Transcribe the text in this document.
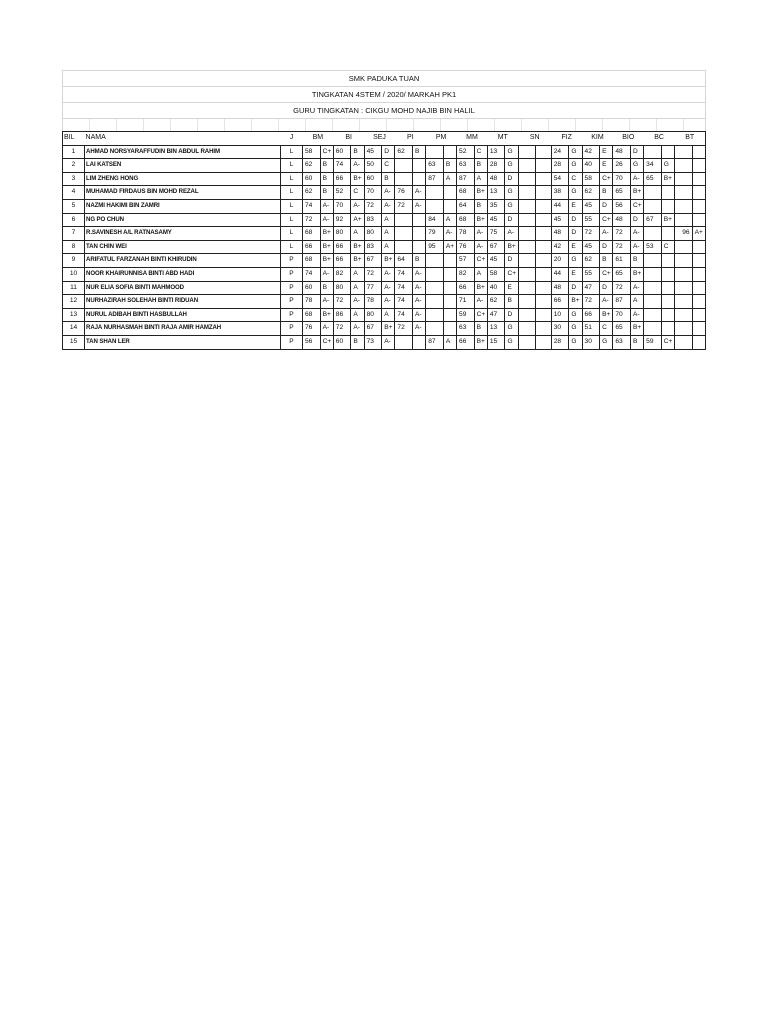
SMK PADUKA TUAN
TINGKATAN 4STEM / 2020/ MARKAH PK1
GURU TINGKATAN : CIKGU MOHD NAJIB BIN HALIL
BIL	NAMA	J	BM		BI		SEJ		PI		PM		MM		MT		SN		FIZ		KIM		BIO		BC		BT	
1	AHMAD NORSYARAFFUDIN BIN ABDUL RAHIM	L	58	C+	60	B	45	D	62	B			52	C	13	G			24	G	42	E	48	D				
2	LAI KATSEN	L	62	B	74	A-	50	C			63	B	63	B	28	G			28	G	40	E	26	G	34	G		
3	LIM ZHENG HONG	L	60	B	66	B+	60	B			87	A	87	A	48	D			54	C	58	C+	70	A-	65	B+		
4	MUHAMAD FIRDAUS BIN MOHD REZAL	L	62	B	52	C	70	A-	76	A-			68	B+	13	G			38	G	62	B	65	B+				
5	NAZMI HAKIMI BIN ZAMRI	L	74	A-	70	A-	72	A-	72	A-			64	B	35	G			44	E	45	D	56	C+				
6	NG PO CHUN	L	72	A-	92	A+	83	A			84	A	68	B+	45	D			45	D	55	C+	48	D	67	B+		
7	R.SAVINESH A/L RATNASAMY	L	68	B+	80	A	80	A			79	A-	78	A-	75	A-			48	D	72	A-	72	A-			96	A+
8	TAN CHIN WEI	L	66	B+	66	B+	83	A			95	A+	76	A-	67	B+			42	E	45	D	72	A-	53	C		
9	ARIFATUL FARZANAH BINTI KHIRUDIN	P	68	B+	66	B+	67	B+	64	B			57	C+	45	D			20	G	62	B	61	B				
10	NOOR KHAIRUNNISA BINTI ABD HADI	P	74	A-	82	A	72	A-	74	A-			82	A	58	C+			44	E	55	C+	65	B+				
11	NUR ELIA SOFIA BINTI MAHMOOD	P	60	B	80	A	77	A-	74	A-			66	B+	40	E			48	D	47	D	72	A-				
12	NURHAZIRAH SOLEHAH BINTI RIDUAN	P	78	A-	72	A-	78	A-	74	A-			71	A-	62	B			66	B+	72	A-	87	A				
13	NURUL ADIBAH BINTI HASBULLAH	P	68	B+	86	A	80	A	74	A-			59	C+	47	D			10	G	66	B+	70	A-				
14	RAJA NURHASMAH BINTI RAJA AMIR HAMZAH	P	76	A-	72	A-	67	B+	72	A-			63	B	13	G			30	G	51	C	65	B+				
15	TAN SHAN LER	P	56	C+	60	B	73	A-			87	A	66	B+	15	G			28	G	30	G	63	B	59	C+		
